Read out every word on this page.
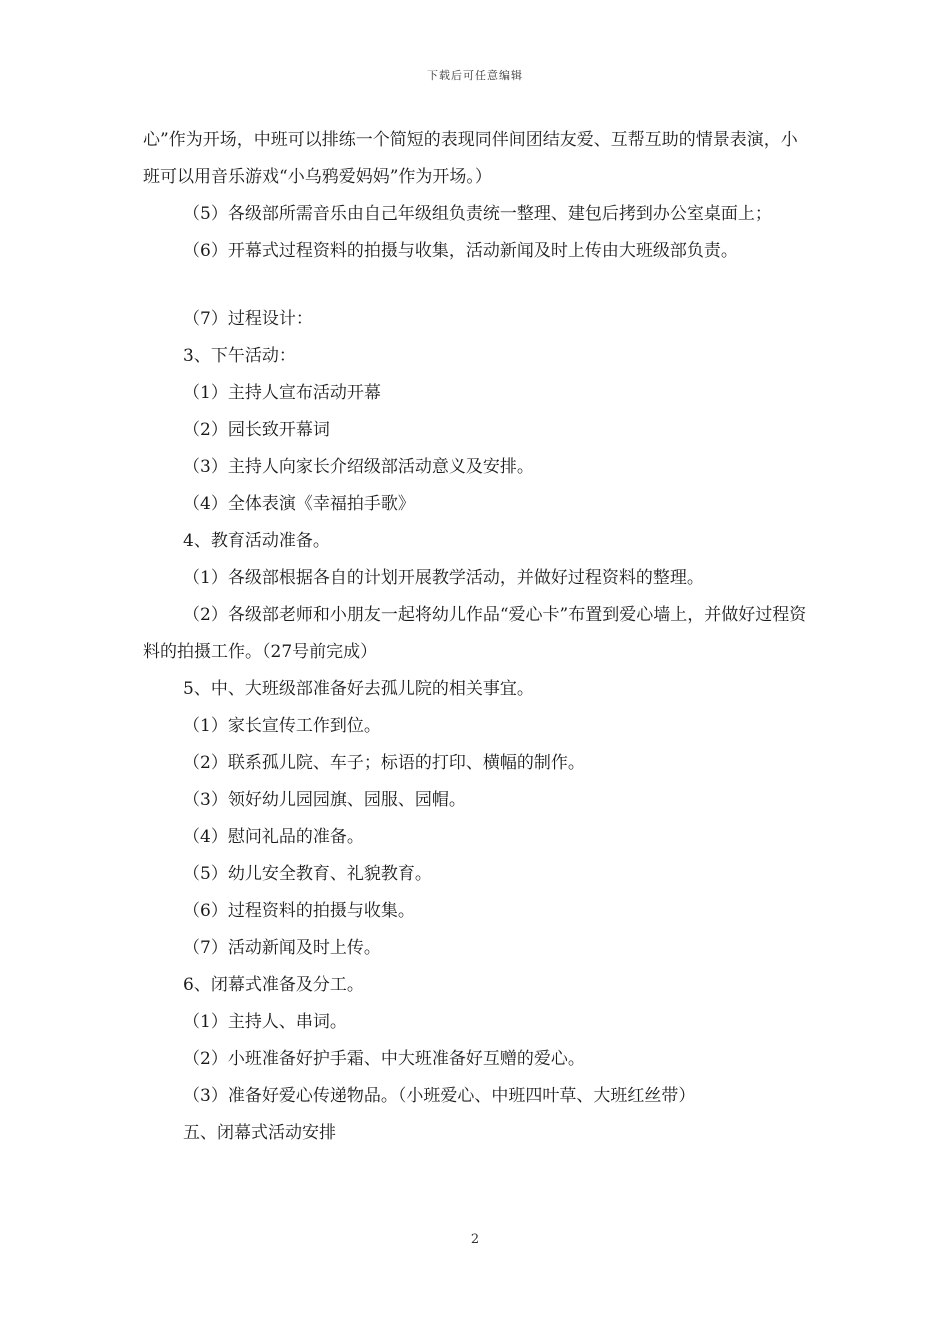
下载后可任意编辑

心”作为开场，中班可以排练一个简短的表现同伴间团结友爱、互帮互助的情景表演，小班可以用音乐游戏“小乌鸦爱妈妈”作为开场。）

（5）各级部所需音乐由自己年级组负责统一整理、建包后拷到办公室桌面上；

（6）开幕式过程资料的拍摄与收集，活动新闻及时上传由大班级部负责。

（7）过程设计：

3、下午活动：

（1）主持人宣布活动开幕

（2）园长致开幕词

（3）主持人向家长介绍级部活动意义及安排。

（4）全体表演《幸福拍手歌》

4、教育活动准备。

（1）各级部根据各自的计划开展教学活动，并做好过程资料的整理。

（2）各级部老师和小朋友一起将幼儿作品“爱心卡”布置到爱心墙上，并做好过程资料的拍摄工作。（27号前完成）

5、中、大班级部准备好去孤儿院的相关事宜。

（1）家长宣传工作到位。

（2）联系孤儿院、车子；标语的打印、横幅的制作。

（3）领好幼儿园园旗、园服、园帽。

（4）慰问礼品的准备。

（5）幼儿安全教育、礼貌教育。

（6）过程资料的拍摄与收集。

（7）活动新闻及时上传。

6、闭幕式准备及分工。

（1）主持人、串词。

（2）小班准备好护手霜、中大班准备好互赠的爱心。

（3）准备好爱心传递物品。（小班爱心、中班四叶草、大班红丝带）

五、闭幕式活动安排

2
